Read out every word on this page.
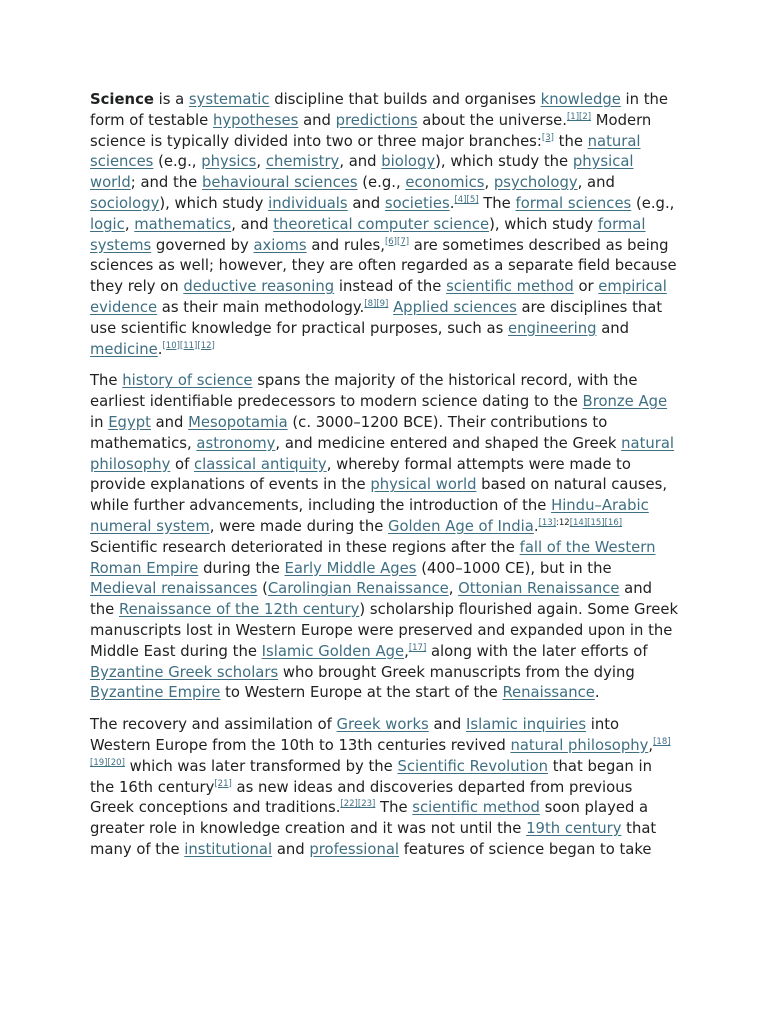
Science is a systematic discipline that builds and organises knowledge in the form of testable hypotheses and predictions about the universe.[1][2] Modern science is typically divided into two or three major branches:[3] the natural sciences (e.g., physics, chemistry, and biology), which study the physical world; and the behavioural sciences (e.g., economics, psychology, and sociology), which study individuals and societies.[4][5] The formal sciences (e.g., logic, mathematics, and theoretical computer science), which study formal systems governed by axioms and rules,[6][7] are sometimes described as being sciences as well; however, they are often regarded as a separate field because they rely on deductive reasoning instead of the scientific method or empirical evidence as their main methodology.[8][9] Applied sciences are disciplines that use scientific knowledge for practical purposes, such as engineering and medicine.[10][11][12]

The history of science spans the majority of the historical record, with the earliest identifiable predecessors to modern science dating to the Bronze Age in Egypt and Mesopotamia (c. 3000–1200 BCE). Their contributions to mathematics, astronomy, and medicine entered and shaped the Greek natural philosophy of classical antiquity, whereby formal attempts were made to provide explanations of events in the physical world based on natural causes, while further advancements, including the introduction of the Hindu–Arabic numeral system, were made during the Golden Age of India.[13]:12[14][15][16] Scientific research deteriorated in these regions after the fall of the Western Roman Empire during the Early Middle Ages (400–1000 CE), but in the Medieval renaissances (Carolingian Renaissance, Ottonian Renaissance and the Renaissance of the 12th century) scholarship flourished again. Some Greek manuscripts lost in Western Europe were preserved and expanded upon in the Middle East during the Islamic Golden Age,[17] along with the later efforts of Byzantine Greek scholars who brought Greek manuscripts from the dying Byzantine Empire to Western Europe at the start of the Renaissance.

The recovery and assimilation of Greek works and Islamic inquiries into Western Europe from the 10th to 13th centuries revived natural philosophy,[18][19][20] which was later transformed by the Scientific Revolution that began in the 16th century[21] as new ideas and discoveries departed from previous Greek conceptions and traditions.[22][23] The scientific method soon played a greater role in knowledge creation and it was not until the 19th century that many of the institutional and professional features of science began to take
